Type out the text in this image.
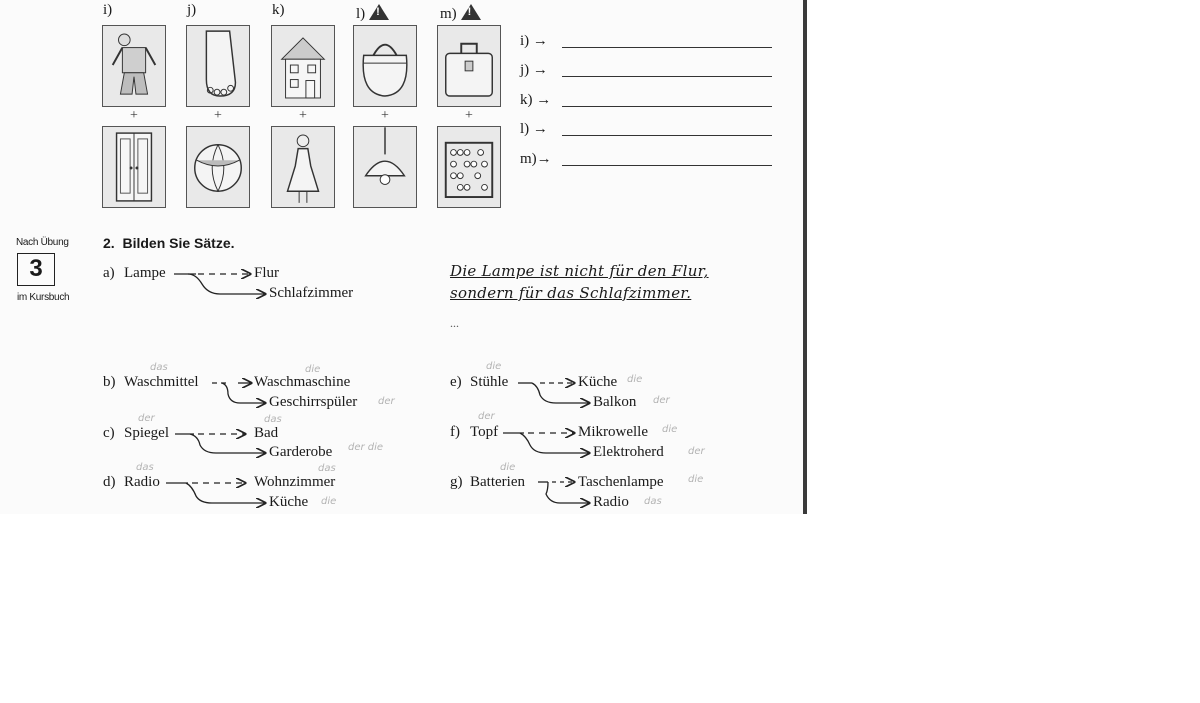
i)	j)	k)	l)!	m)!
+	+	+	+	+
i) →
j) →
k) →
l) →
m)→
Nach Übung
3
im Kursbuch
2. Bilden Sie Sätze.
a) Lampe	Flur
Schlafzimmer
Die Lampe ist nicht für den Flur,
sondern für das Schlafzimmer.
...
b) Waschmittel
das
Waschmaschine
die
Geschirrspüler der
c) Spiegel
der
Bad
das
Garderobe der die
d) Radio
das
Wohnzimmer
das
Küche die
e) Stühle
die
Küche die
Balkon der
f) Topf
der
Mikrowelle die
Elektroherd der
g) Batterien
die
Taschenlampe die
Radio das
